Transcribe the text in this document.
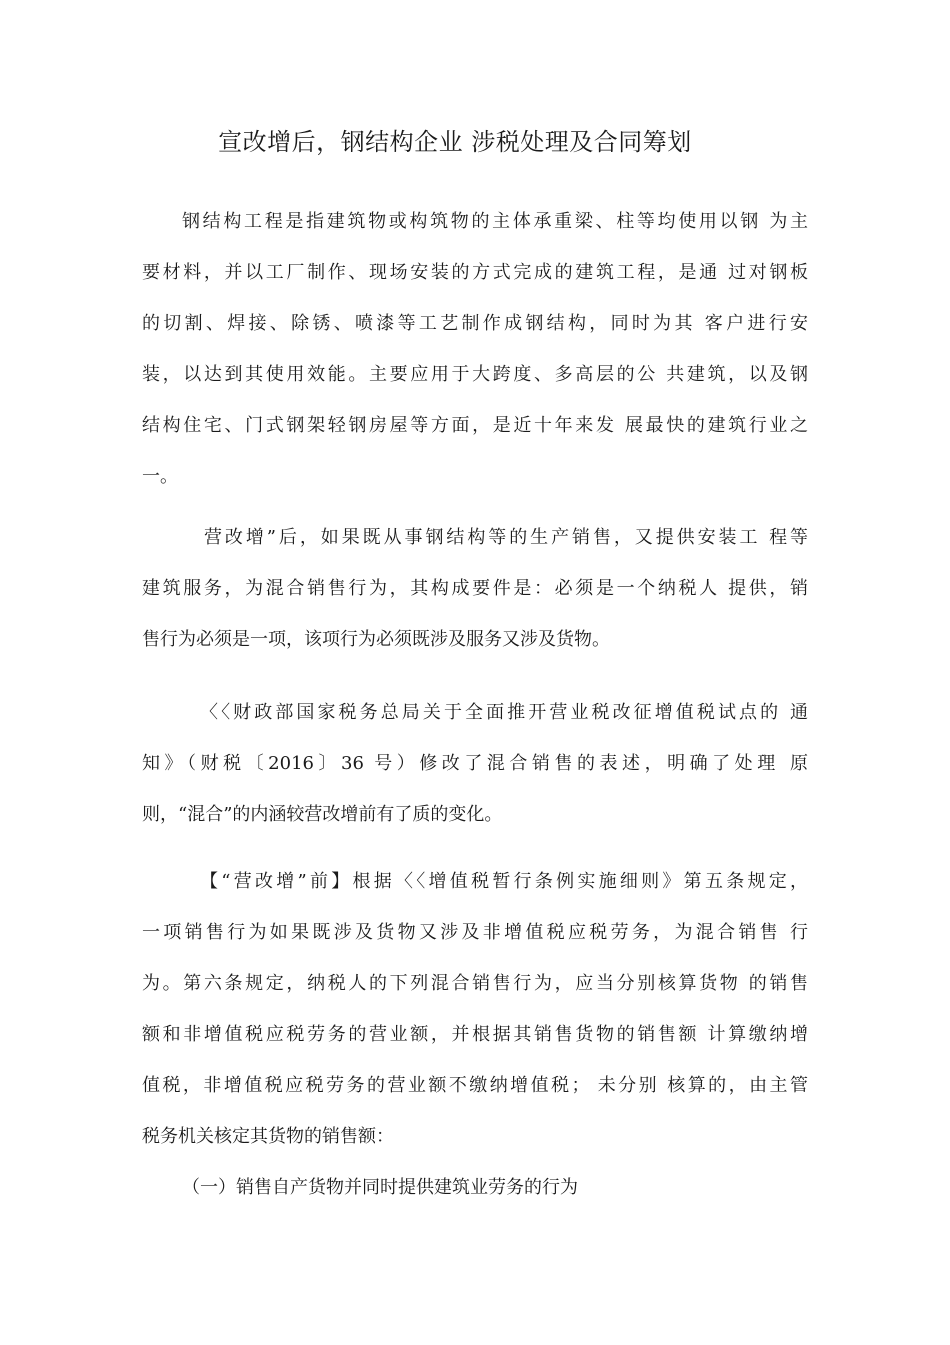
宣改增后，钢结构企业 涉税处理及合同筹划
钢结构工程是指建筑物或构筑物的主体承重梁、柱等均使用以钢 为主
要材料，并以工厂制作、现场安装的方式完成的建筑工程，是通 过对钢板
的切割、焊接、除锈、喷漆等工艺制作成钢结构，同时为其 客户进行安
装，以达到其使用效能。主要应用于大跨度、多高层的公 共建筑，以及钢
结构住宅、门式钢架轻钢房屋等方面，是近十年来发 展最快的建筑行业之
一。
营改增”后，如果既从事钢结构等的生产销售，又提供安装工 程等
建筑服务，为混合销售行为，其构成要件是：必须是一个纳税人 提供，销
售行为必须是一项，该项行为必须既涉及服务又涉及货物。
〈〈财政部国家税务总局关于全面推开营业税改征增值税试点的 通
知》（财税〔2016〕36 号）修改了混合销售的表述，明确了处理 原
则，“混合”的内涵较营改增前有了质的变化。
【“营改增”前】根据〈〈增值税暂行条例实施细则》第五条规定，
一项销售行为如果既涉及货物又涉及非增值税应税劳务，为混合销售 行
为。第六条规定，纳税人的下列混合销售行为，应当分别核算货物 的销售
额和非增值税应税劳务的营业额，并根据其销售货物的销售额 计算缴纳增
值税，非增值税应税劳务的营业额不缴纳增值税； 未分别 核算的，由主管
税务机关核定其货物的销售额：
（一）销售自产货物并同时提供建筑业劳务的行为
